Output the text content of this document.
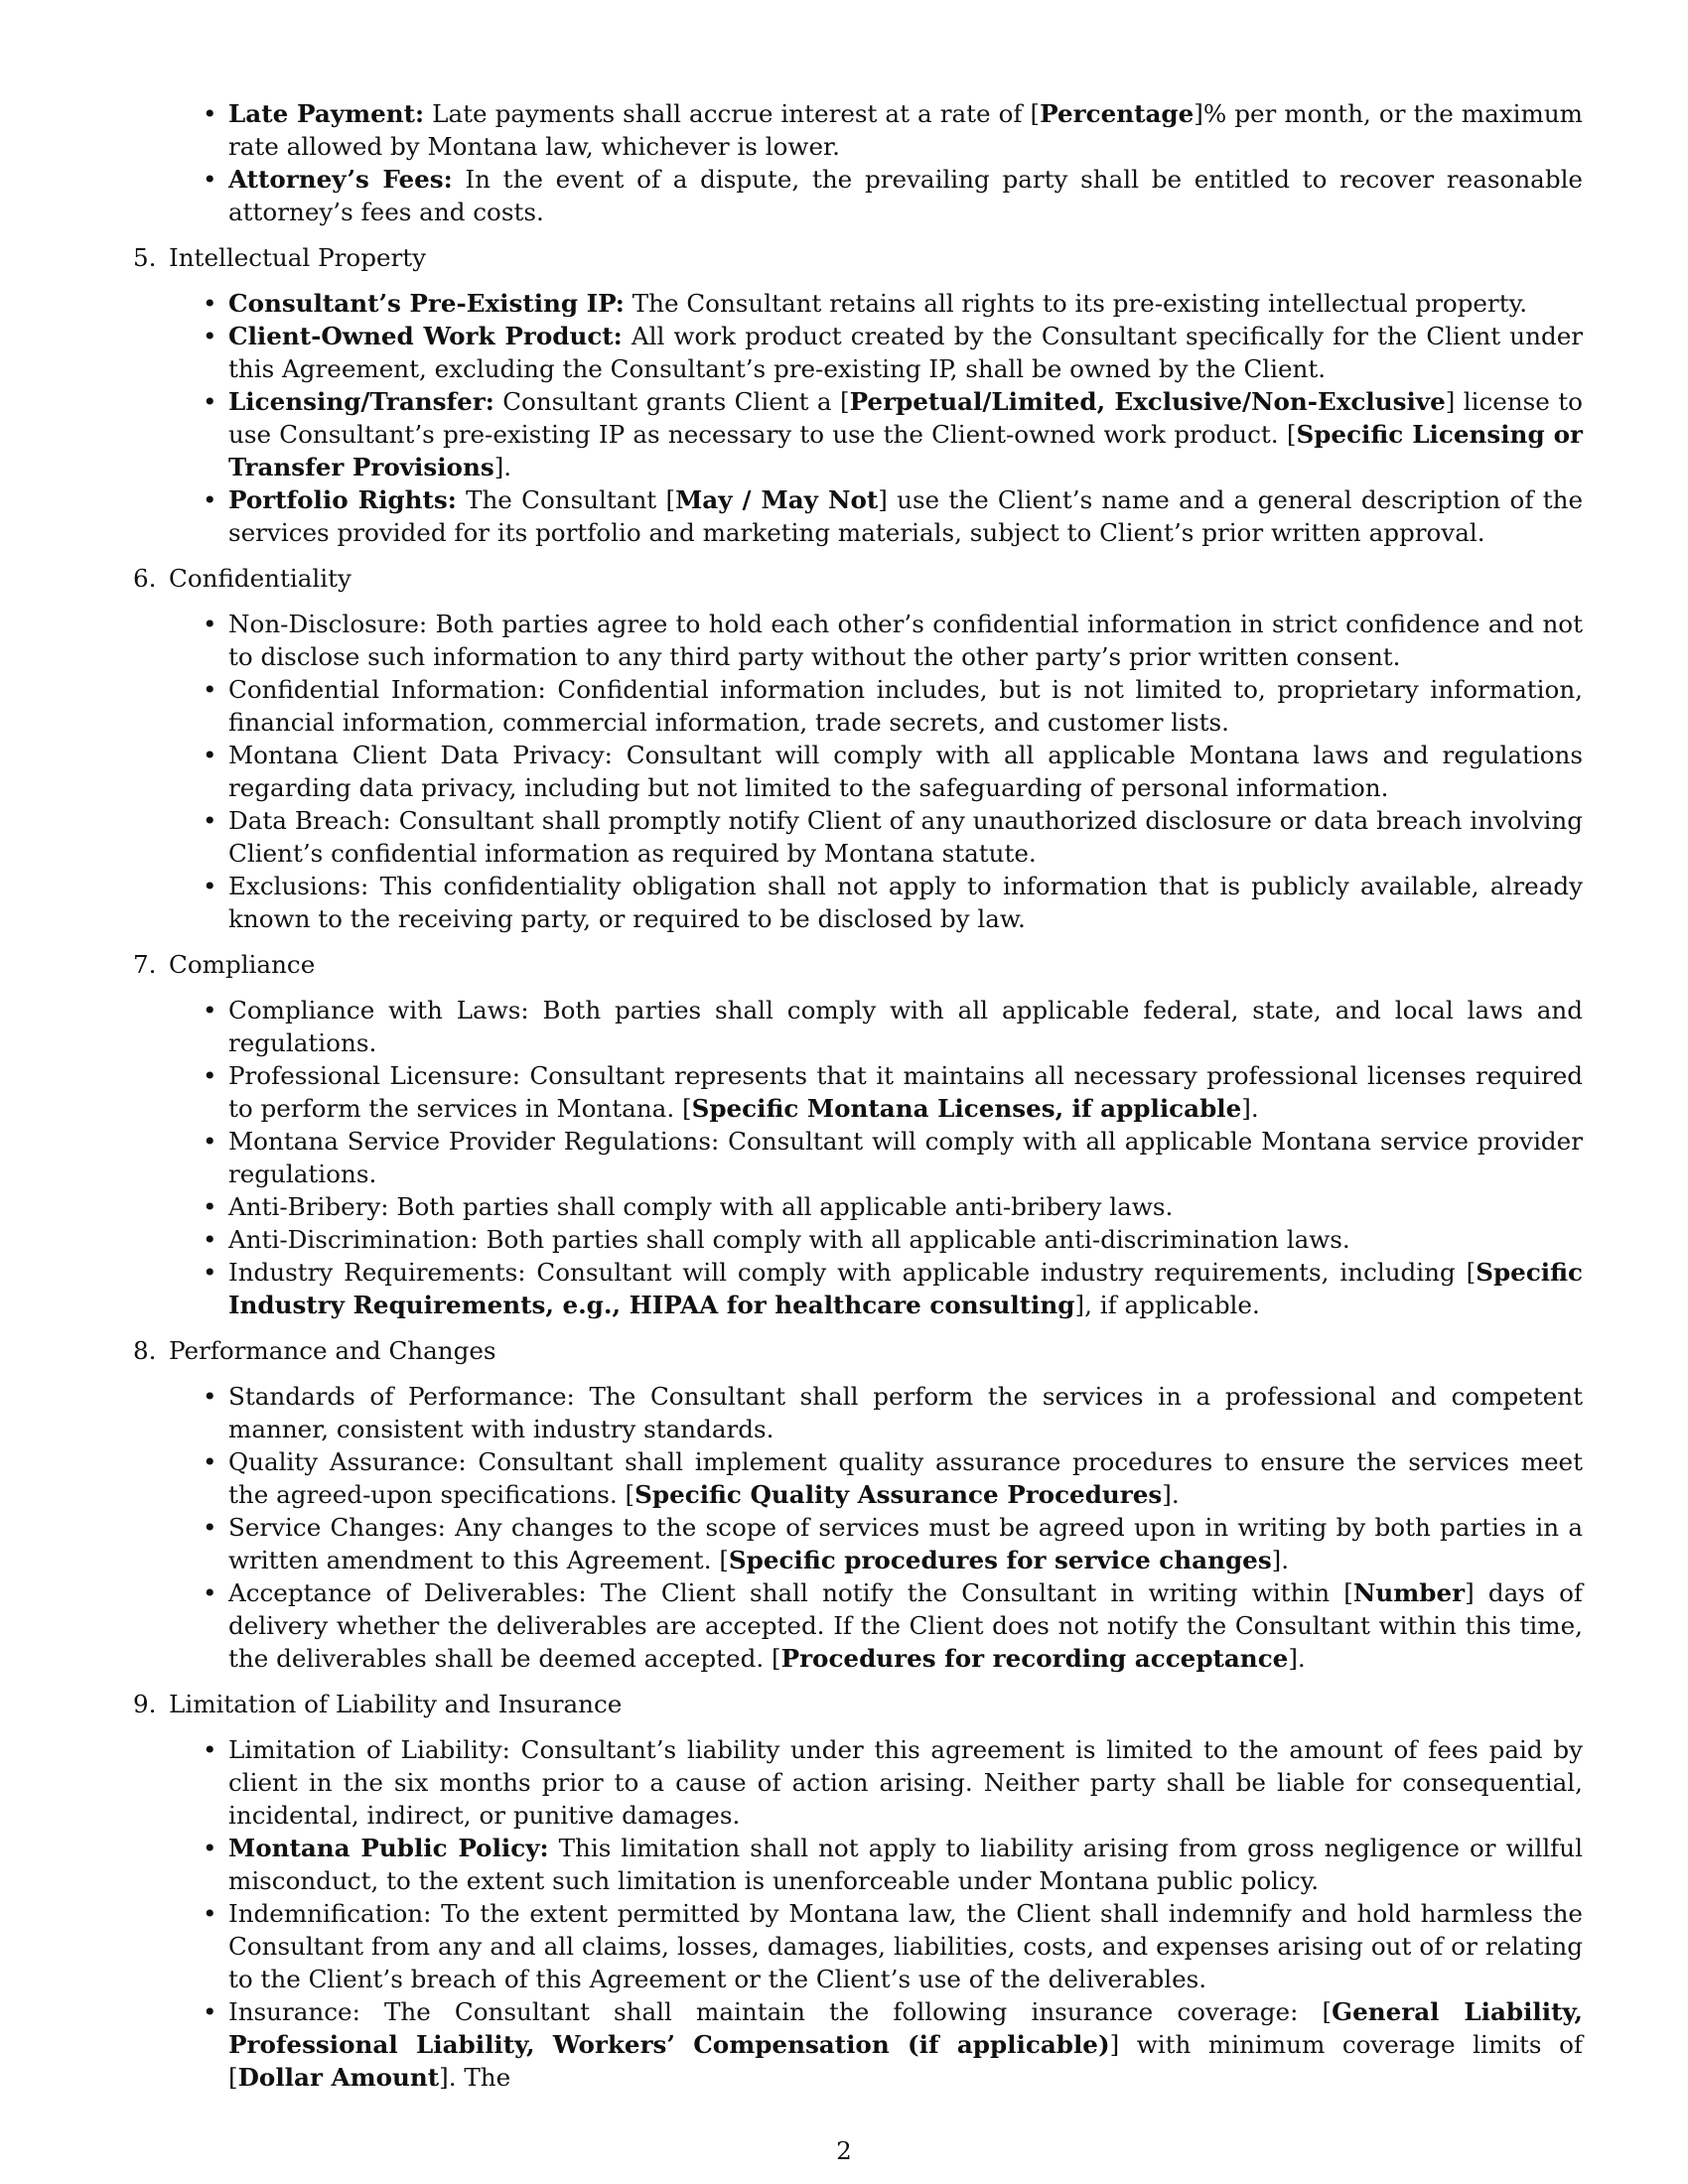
• Late Payment: Late payments shall accrue interest at a rate of [Percentage]% per month, or the maximum rate allowed by Montana law, whichever is lower.
• Attorney’s Fees: In the event of a dispute, the prevailing party shall be entitled to recover reasonable attorney’s fees and costs.
5. Intellectual Property
• Consultant’s Pre-Existing IP: The Consultant retains all rights to its pre-existing intellectual property.
• Client-Owned Work Product: All work product created by the Consultant specifically for the Client under this Agreement, excluding the Consultant’s pre-existing IP, shall be owned by the Client.
• Licensing/Transfer: Consultant grants Client a [Perpetual/Limited, Exclusive/Non-Exclusive] license to use Consultant’s pre-existing IP as necessary to use the Client-owned work product. [Specific Licensing or Transfer Provisions].
• Portfolio Rights: The Consultant [May / May Not] use the Client’s name and a general description of the services provided for its portfolio and marketing materials, subject to Client’s prior written approval.
6. Confidentiality
• Non-Disclosure: Both parties agree to hold each other’s confidential information in strict confidence and not to disclose such information to any third party without the other party’s prior written consent.
• Confidential Information: Confidential information includes, but is not limited to, proprietary information, financial information, commercial information, trade secrets, and customer lists.
• Montana Client Data Privacy: Consultant will comply with all applicable Montana laws and regulations regarding data privacy, including but not limited to the safeguarding of personal information.
• Data Breach: Consultant shall promptly notify Client of any unauthorized disclosure or data breach involving Client’s confidential information as required by Montana statute.
• Exclusions: This confidentiality obligation shall not apply to information that is publicly available, already known to the receiving party, or required to be disclosed by law.
7. Compliance
• Compliance with Laws: Both parties shall comply with all applicable federal, state, and local laws and regulations.
• Professional Licensure: Consultant represents that it maintains all necessary professional licenses required to perform the services in Montana. [Specific Montana Licenses, if applicable].
• Montana Service Provider Regulations: Consultant will comply with all applicable Montana service provider regulations.
• Anti-Bribery: Both parties shall comply with all applicable anti-bribery laws.
• Anti-Discrimination: Both parties shall comply with all applicable anti-discrimination laws.
• Industry Requirements: Consultant will comply with applicable industry requirements, including [Specific Industry Requirements, e.g., HIPAA for healthcare consulting], if applicable.
8. Performance and Changes
• Standards of Performance: The Consultant shall perform the services in a professional and competent manner, consistent with industry standards.
• Quality Assurance: Consultant shall implement quality assurance procedures to ensure the services meet the agreed-upon specifications. [Specific Quality Assurance Procedures].
• Service Changes: Any changes to the scope of services must be agreed upon in writing by both parties in a written amendment to this Agreement. [Specific procedures for service changes].
• Acceptance of Deliverables: The Client shall notify the Consultant in writing within [Number] days of delivery whether the deliverables are accepted. If the Client does not notify the Consultant within this time, the deliverables shall be deemed accepted. [Procedures for recording acceptance].
9. Limitation of Liability and Insurance
• Limitation of Liability: Consultant’s liability under this agreement is limited to the amount of fees paid by client in the six months prior to a cause of action arising. Neither party shall be liable for consequential, incidental, indirect, or punitive damages.
• Montana Public Policy: This limitation shall not apply to liability arising from gross negligence or willful misconduct, to the extent such limitation is unenforceable under Montana public policy.
• Indemnification: To the extent permitted by Montana law, the Client shall indemnify and hold harmless the Consultant from any and all claims, losses, damages, liabilities, costs, and expenses arising out of or relating to the Client’s breach of this Agreement or the Client’s use of the deliverables.
• Insurance: The Consultant shall maintain the following insurance coverage: [General Liability, Professional Liability, Workers’ Compensation (if applicable)] with minimum coverage limits of [Dollar Amount]. The
2
